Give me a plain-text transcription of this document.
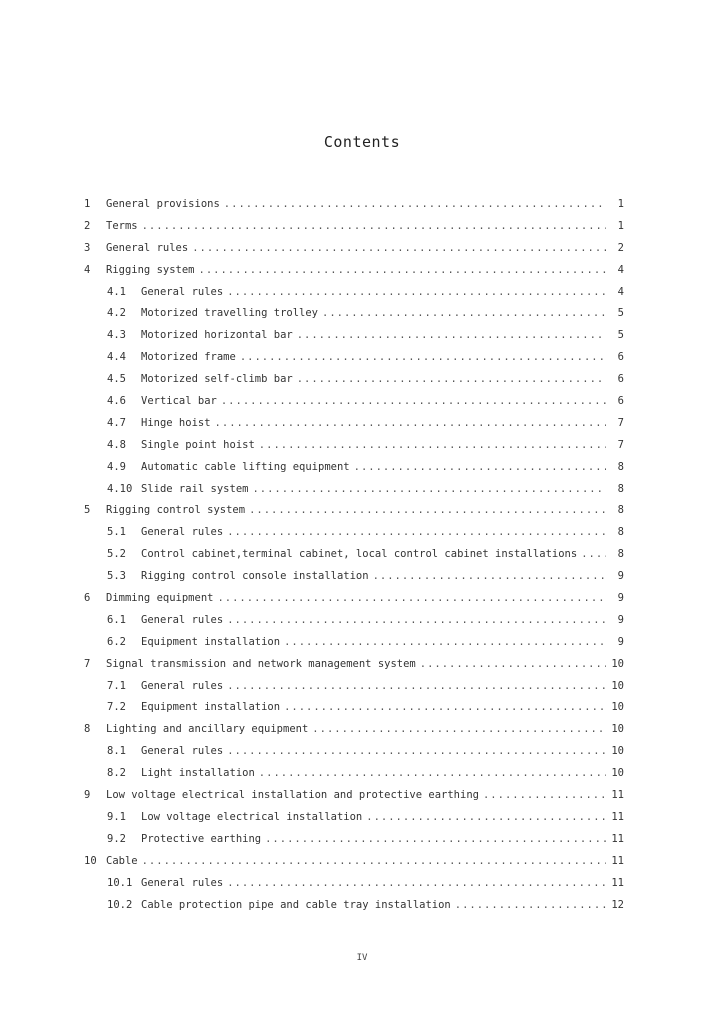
Contents
1	General provisions .....	1
2	Terms .....	1
3	General rules .....	2
4	Rigging system .....	4
4.1	General rules .....	4
4.2	Motorized travelling trolley .....	5
4.3	Motorized horizontal bar .....	5
4.4	Motorized frame .....	6
4.5	Motorized self-climb bar .....	6
4.6	Vertical bar .....	6
4.7	Hinge hoist .....	7
4.8	Single point hoist .....	7
4.9	Automatic cable lifting equipment .....	8
4.10 Slide rail system .....	8
5	Rigging control system .....	8
5.1	General rules .....	8
5.2	Control cabinet,terminal cabinet, local control cabinet installations .....	8
5.3	Rigging control console installation .....	9
6	Dimming equipment .....	9
6.1	General rules .....	9
6.2	Equipment installation .....	9
7	Signal transmission and network management system .....	10
7.1	General rules .....	10
7.2	Equipment installation .....	10
8	Lighting and ancillary equipment .....	10
8.1	General rules .....	10
8.2	Light installation .....	10
9	Low voltage electrical installation and protective earthing .....	11
9.1	Low voltage electrical installation .....	11
9.2	Protective earthing .....	11
10 Cable .....	11
10.1 General rules .....	11
10.2 Cable protection pipe and cable tray installation .....	12
IV
